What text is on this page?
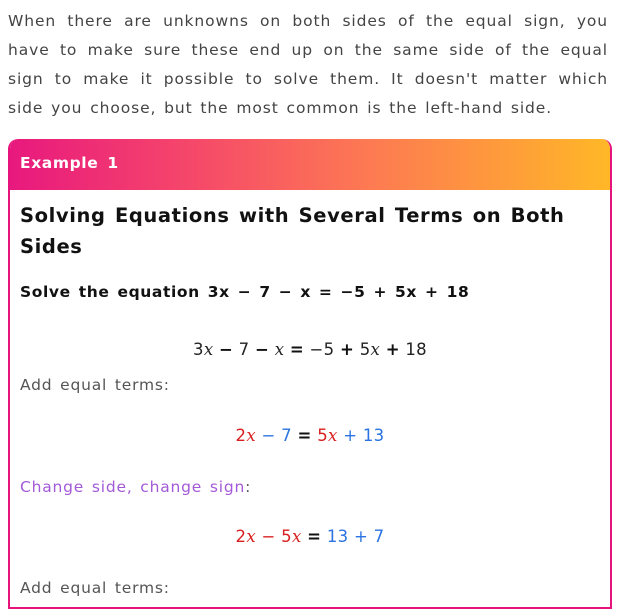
When there are unknowns on both sides of the equal sign, you have to make sure these end up on the same side of the equal sign to make it possible to solve them. It doesn't matter which side you choose, but the most common is the left-hand side.

Example 1
Solving Equations with Several Terms on Both Sides
Solve the equation 3x − 7 − x = −5 + 5x + 18
3x − 7 − x = −5 + 5x + 18
Add equal terms:
2x − 7 = 5x + 13
Change side, change sign:
2x − 5x = 13 + 7
Add equal terms:
